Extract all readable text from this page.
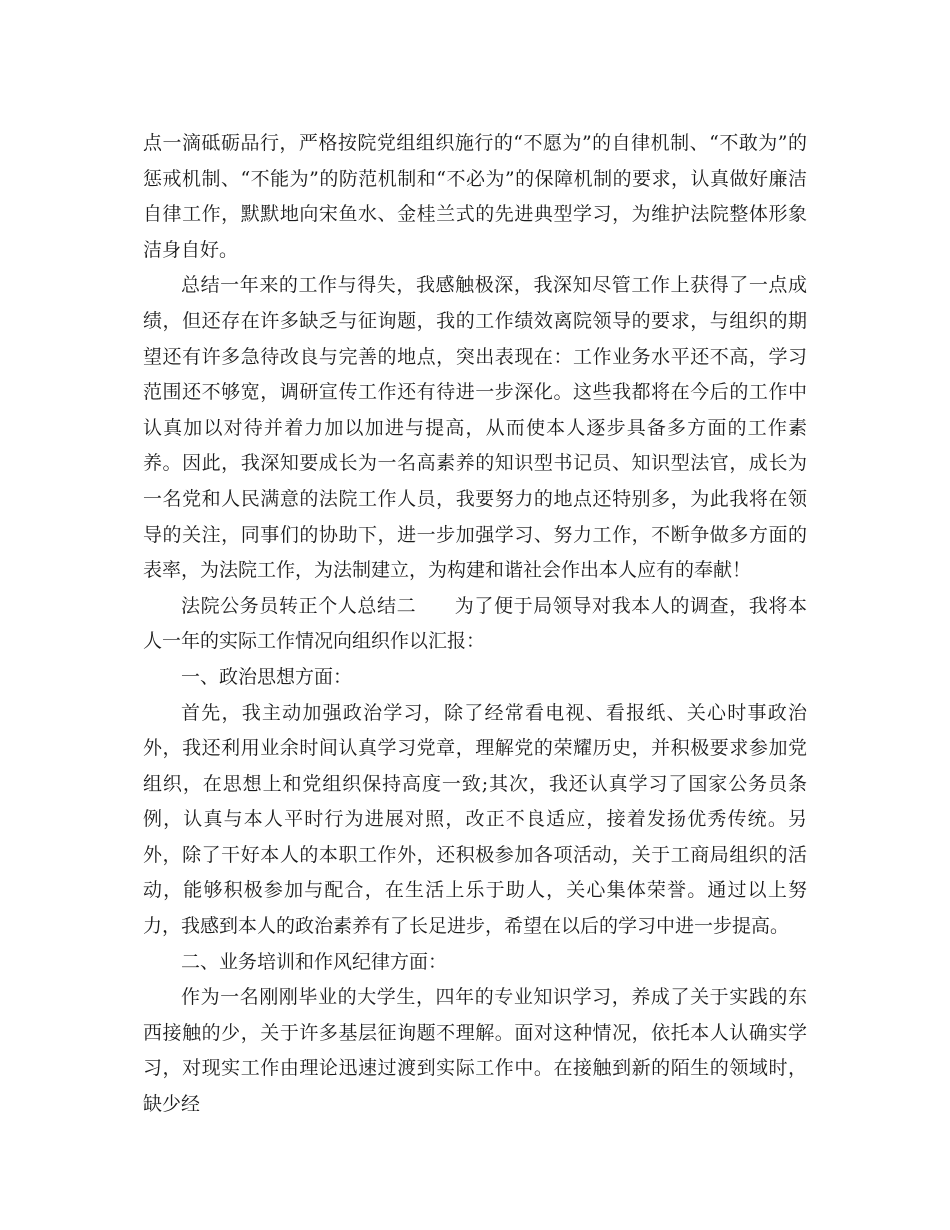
点一滴砥砺品行，严格按院党组组织施行的“不愿为”的自律机制、“不敢为”的惩戒机制、“不能为”的防范机制和“不必为”的保障机制的要求，认真做好廉洁自律工作，默默地向宋鱼水、金桂兰式的先进典型学习，为维护法院整体形象洁身自好。

总结一年来的工作与得失，我感触极深，我深知尽管工作上获得了一点成绩，但还存在许多缺乏与征询题，我的工作绩效离院领导的要求，与组织的期望还有许多急待改良与完善的地点，突出表现在：工作业务水平还不高，学习范围还不够宽，调研宣传工作还有待进一步深化。这些我都将在今后的工作中认真加以对待并着力加以加进与提高，从而使本人逐步具备多方面的工作素养。因此，我深知要成长为一名高素养的知识型书记员、知识型法官，成长为一名党和人民满意的法院工作人员，我要努力的地点还特别多，为此我将在领导的关注，同事们的协助下，进一步加强学习、努力工作，不断争做多方面的表率，为法院工作，为法制建立，为构建和谐社会作出本人应有的奉献！

法院公务员转正个人总结二 为了便于局领导对我本人的调查，我将本人一年的实际工作情况向组织作以汇报：

一、政治思想方面：

首先，我主动加强政治学习，除了经常看电视、看报纸、关心时事政治外，我还利用业余时间认真学习党章，理解党的荣耀历史，并积极要求参加党组织，在思想上和党组织保持高度一致;其次，我还认真学习了国家公务员条例，认真与本人平时行为进展对照，改正不良适应，接着发扬优秀传统。另外，除了干好本人的本职工作外，还积极参加各项活动，关于工商局组织的活动，能够积极参加与配合，在生活上乐于助人，关心集体荣誉。通过以上努力，我感到本人的政治素养有了长足进步，希望在以后的学习中进一步提高。

二、业务培训和作风纪律方面：

作为一名刚刚毕业的大学生，四年的专业知识学习，养成了关于实践的东西接触的少，关于许多基层征询题不理解。面对这种情况，依托本人认确实学习，对现实工作由理论迅速过渡到实际工作中。在接触到新的陌生的领域时，缺少经
